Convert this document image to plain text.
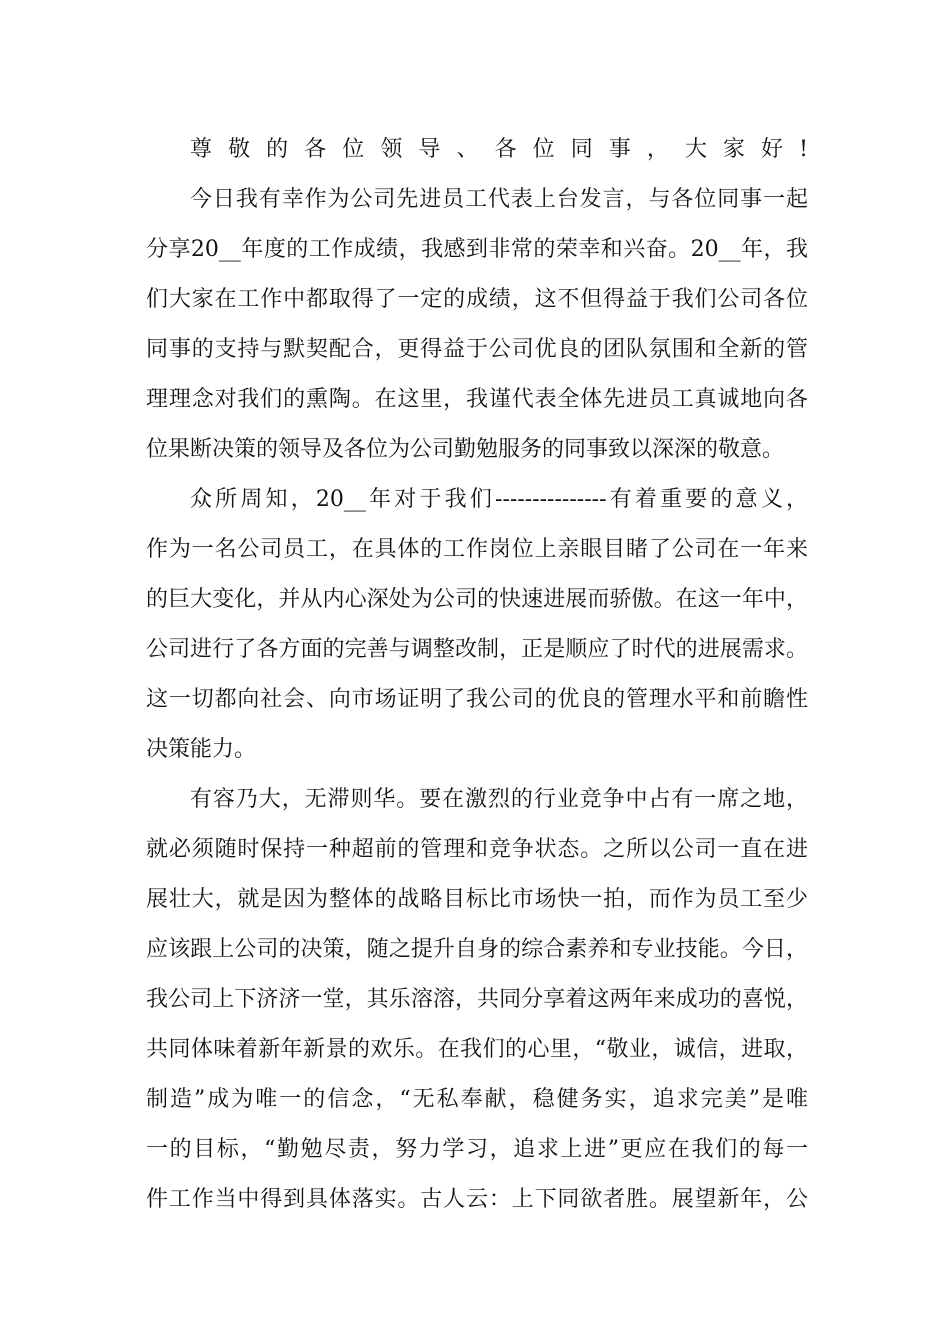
尊敬的各位领导、各位同事，大家好!
今日我有幸作为公司先进员工代表上台发言，与各位同事一起
分享20__年度的工作成绩，我感到非常的荣幸和兴奋。20__年，我
们大家在工作中都取得了一定的成绩，这不但得益于我们公司各位
同事的支持与默契配合，更得益于公司优良的团队氛围和全新的管
理理念对我们的熏陶。在这里，我谨代表全体先进员工真诚地向各
位果断决策的领导及各位为公司勤勉服务的同事致以深深的敬意。
众所周知，20__年对于我们---------------有着重要的意义，
作为一名公司员工，在具体的工作岗位上亲眼目睹了公司在一年来
的巨大变化，并从内心深处为公司的快速进展而骄傲。在这一年中，
公司进行了各方面的完善与调整改制，正是顺应了时代的进展需求。
这一切都向社会、向市场证明了我公司的优良的管理水平和前瞻性
决策能力。
有容乃大，无滞则华。要在激烈的行业竞争中占有一席之地，
就必须随时保持一种超前的管理和竞争状态。之所以公司一直在进
展壮大，就是因为整体的战略目标比市场快一拍，而作为员工至少
应该跟上公司的决策，随之提升自身的综合素养和专业技能。今日，
我公司上下济济一堂，其乐溶溶，共同分享着这两年来成功的喜悦，
共同体味着新年新景的欢乐。在我们的心里，“敬业，诚信，进取，
制造”成为唯一的信念，“无私奉献，稳健务实，追求完美”是唯
一的目标，“勤勉尽责，努力学习，追求上进”更应在我们的每一
件工作当中得到具体落实。古人云：上下同欲者胜。展望新年，公
